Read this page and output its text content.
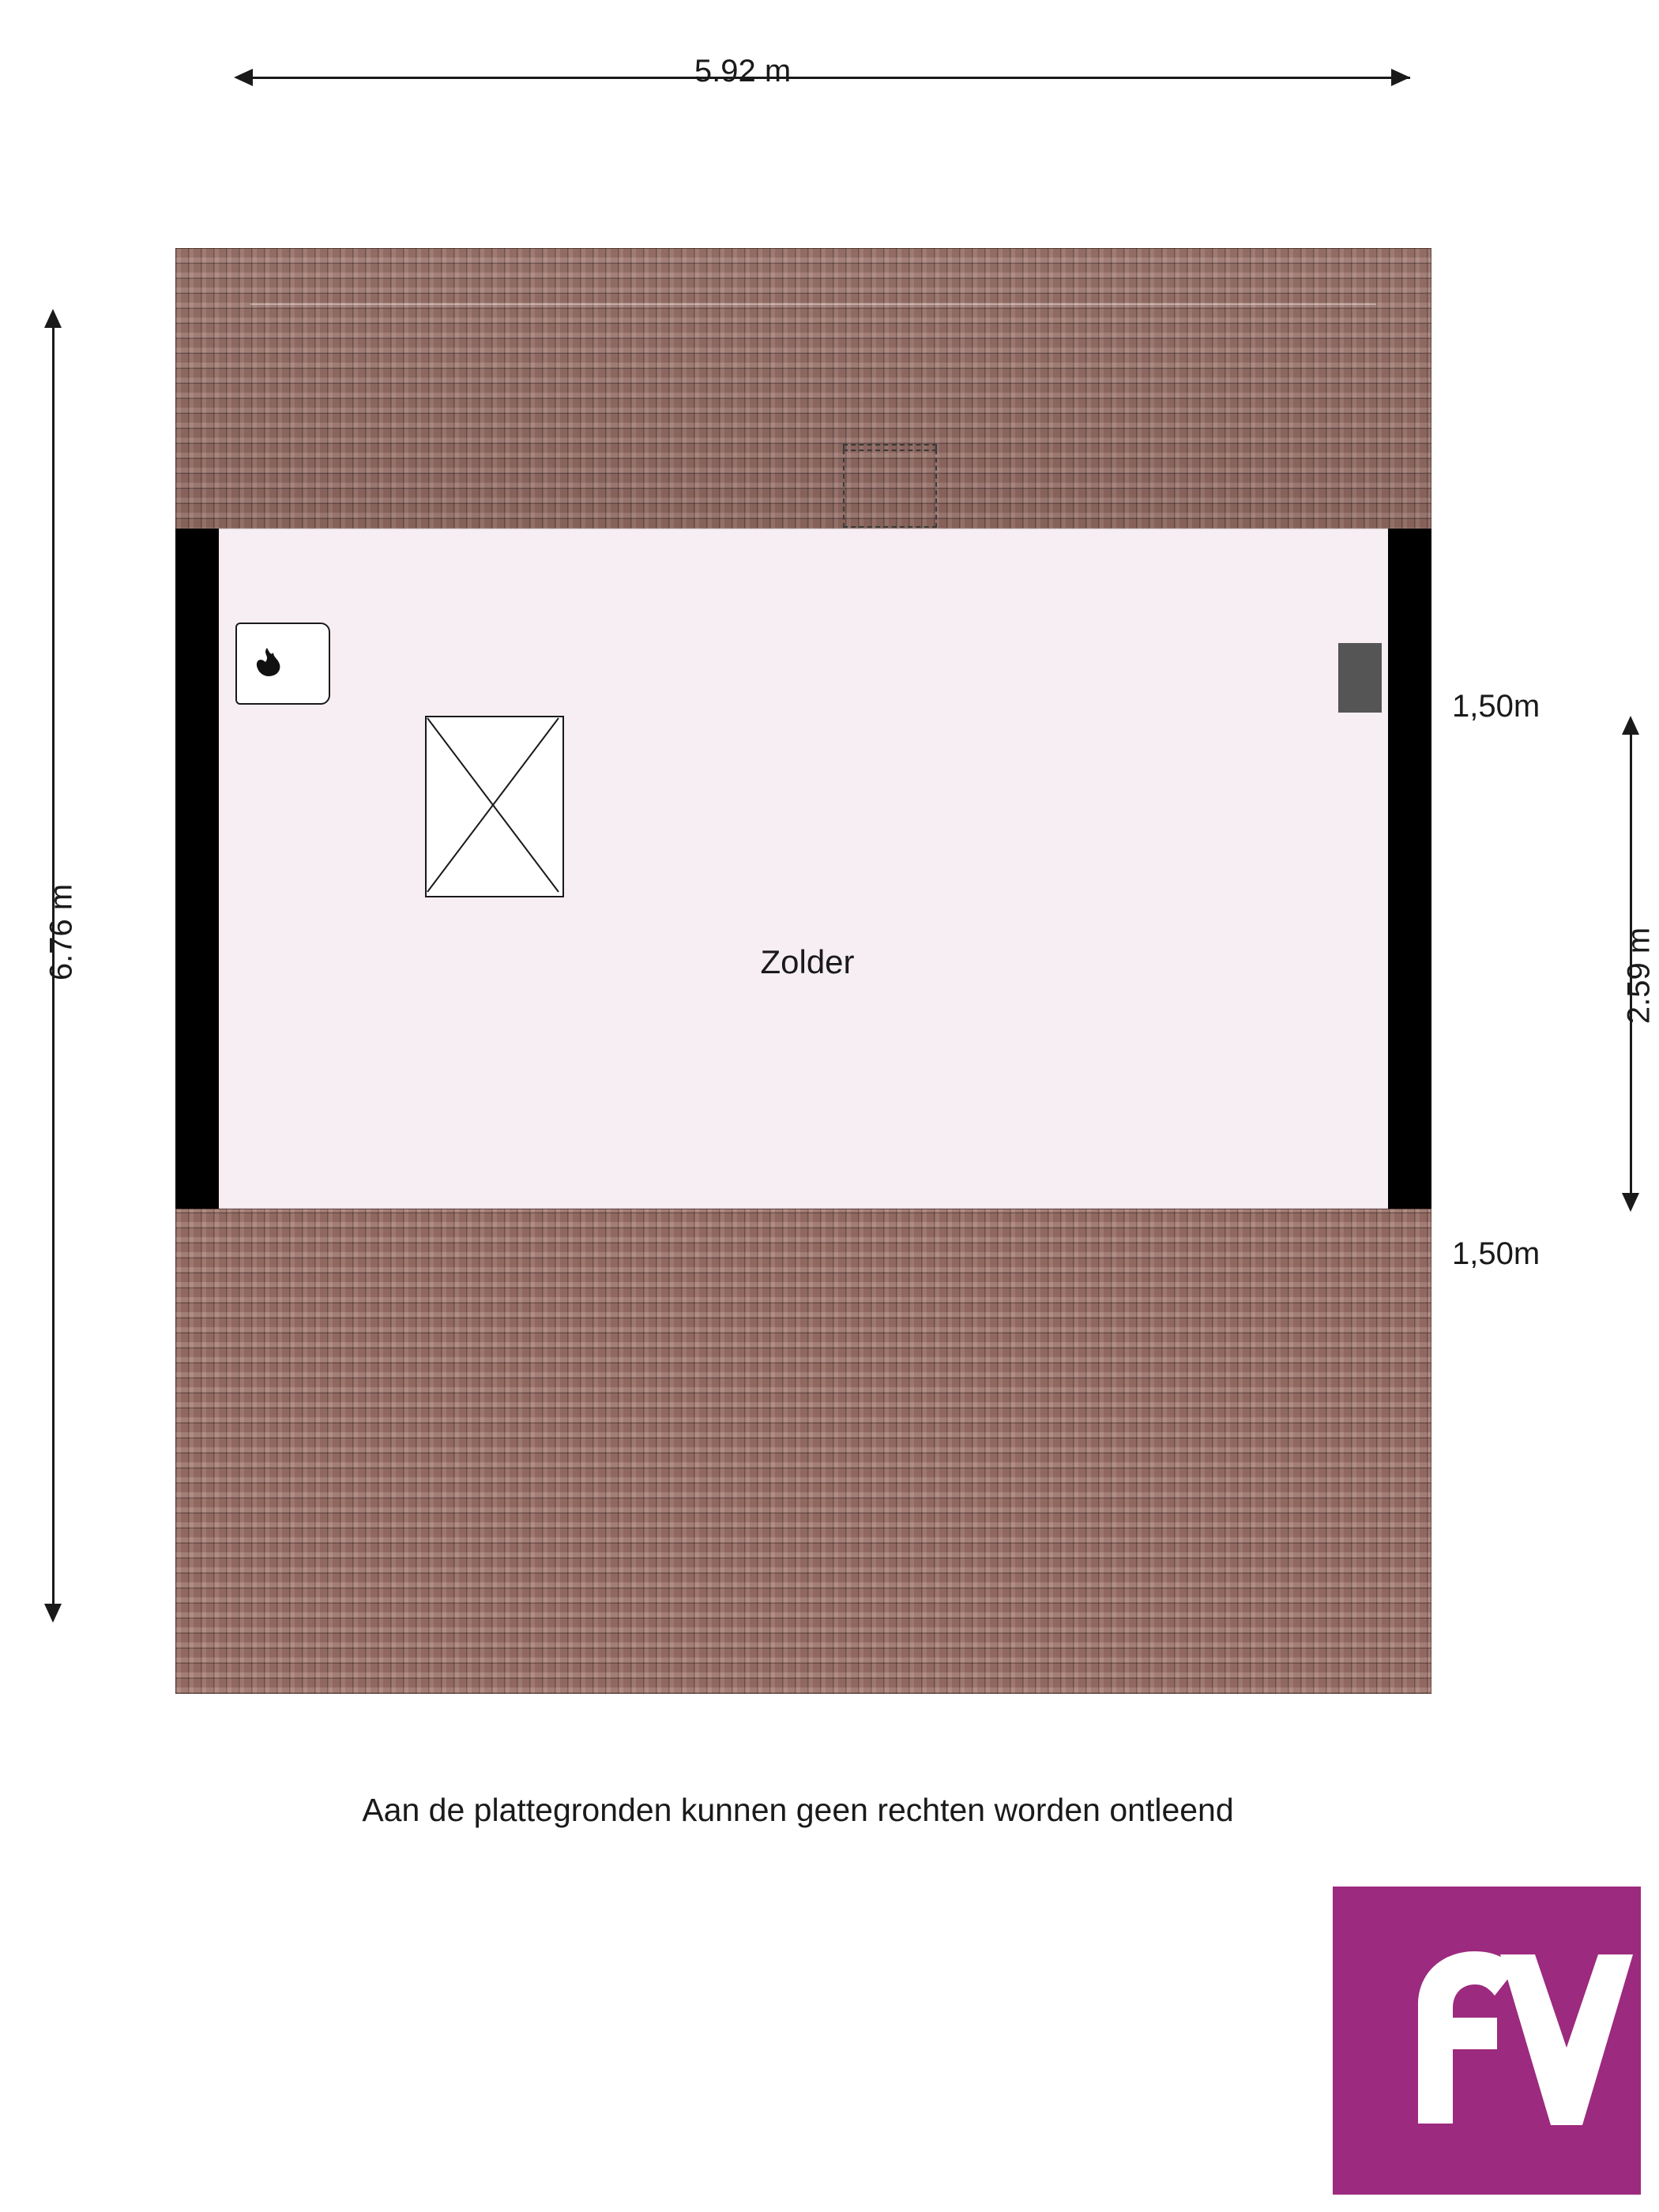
5.92 m
6.76 m	2.59 m
1,50m
1,50m
Zolder
Aan de plattegronden kunnen geen rechten worden ontleend
